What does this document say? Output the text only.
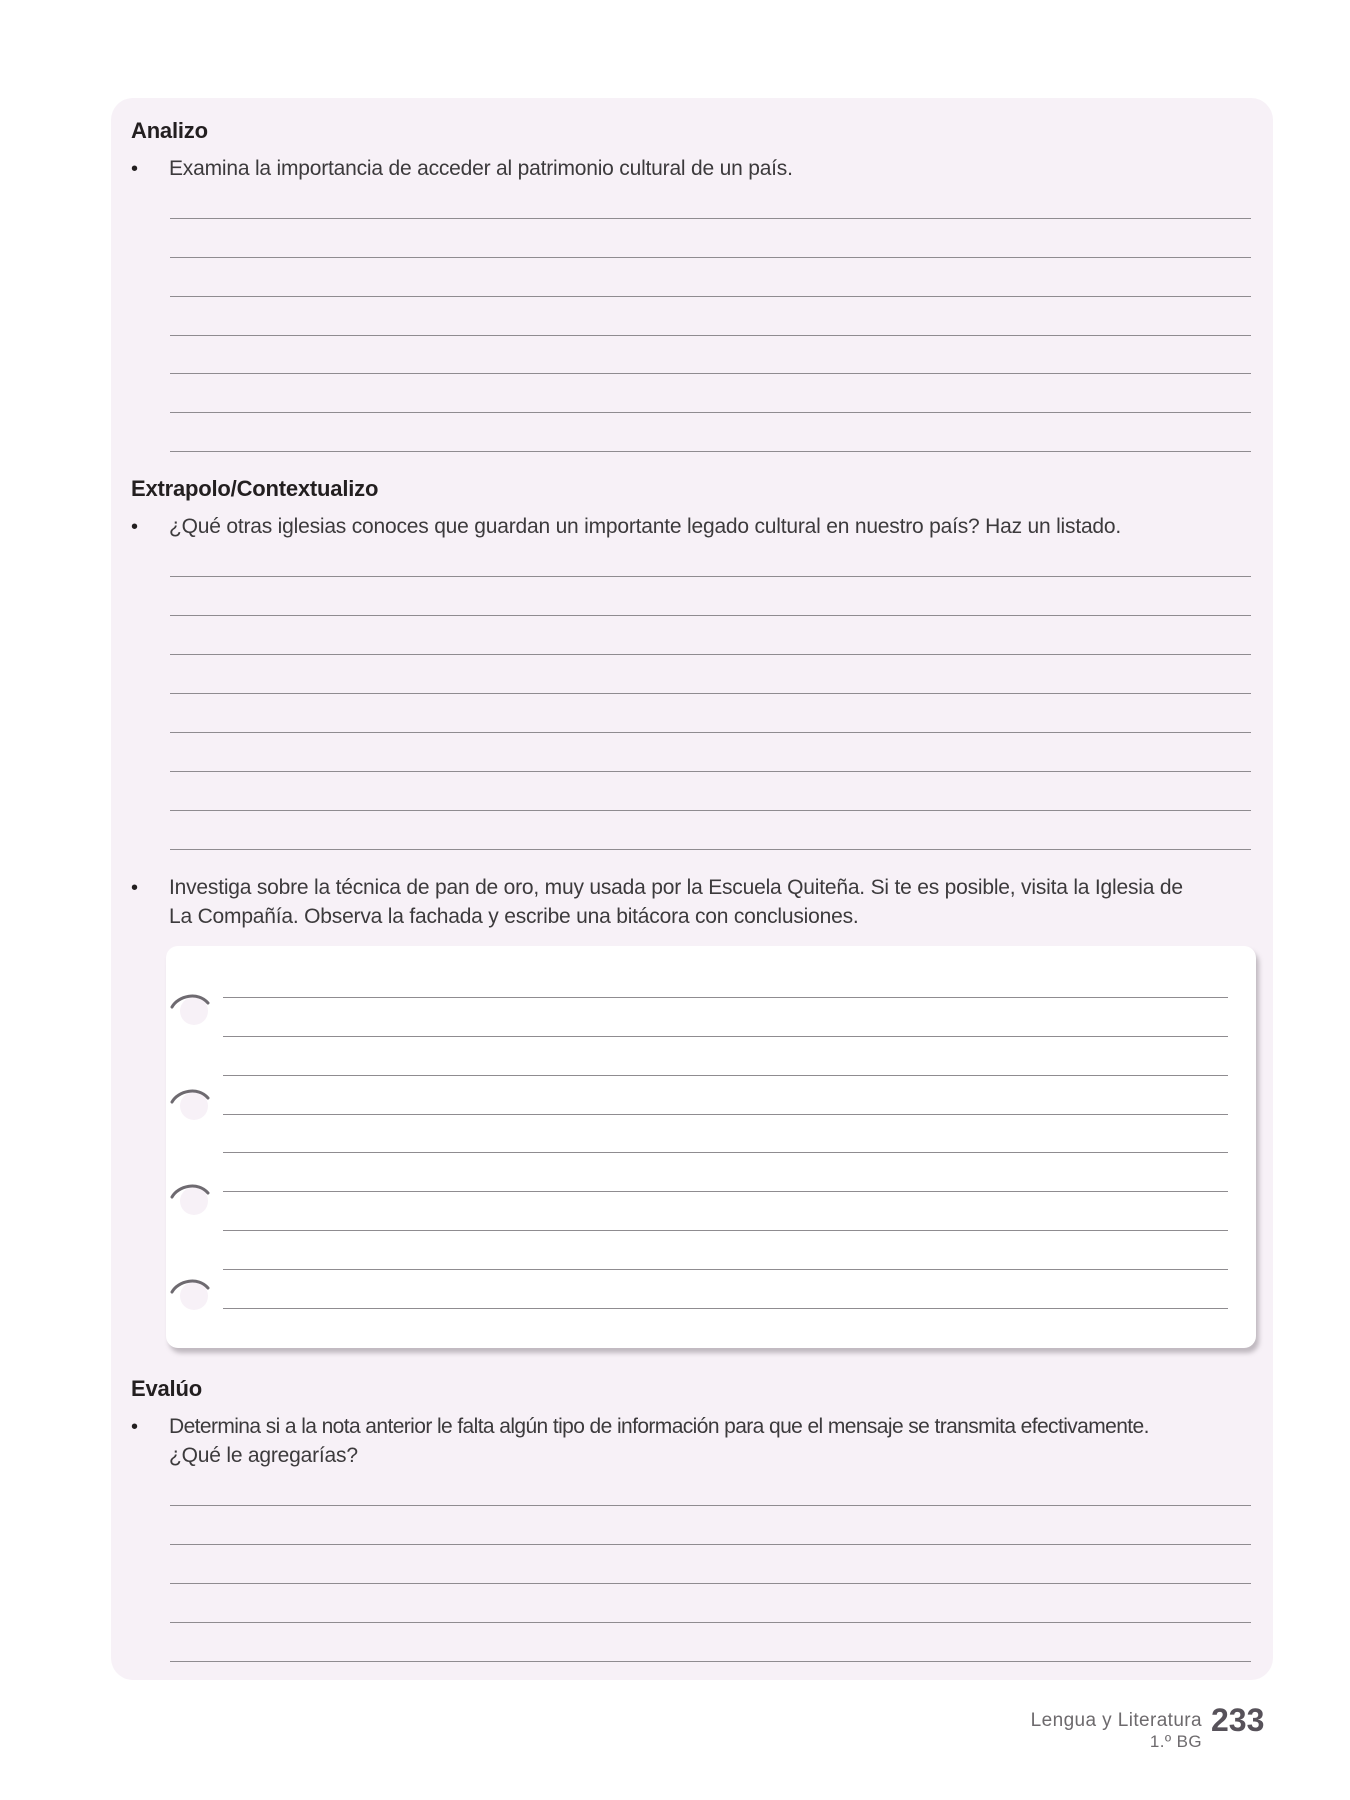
Analizo
• Examina la importancia de acceder al patrimonio cultural de un país.
Extrapolo/Contextualizo
• ¿Qué otras iglesias conoces que guardan un importante legado cultural en nuestro país? Haz un listado.
• Investiga sobre la técnica de pan de oro, muy usada por la Escuela Quiteña. Si te es posible, visita la Iglesia de
La Compañía. Observa la fachada y escribe una bitácora con conclusiones.
Evalúo
• Determina si a la nota anterior le falta algún tipo de información para que el mensaje se transmita efectivamente.
¿Qué le agregarías?
Lengua y Literatura
1.º BG
233
